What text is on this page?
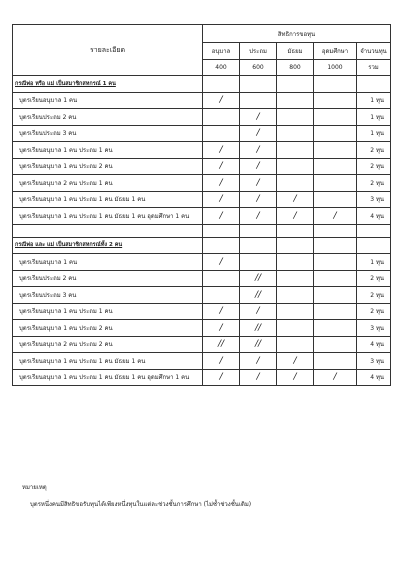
รายละเอียด	สิทธิการขอทุน				
	อนุบาล	ประถม	มัธยม	อุดมศึกษา	จำนวนทุน
	400	600	800	1000	รวม
กรณีพ่อ หรือ แม่ เป็นสมาชิกสหกรณ์ 1 คน					
บุตรเรียนอนุบาล 1 คน	/				1 ทุน
บุตรเรียนประถม 2 คน		/			1 ทุน
บุตรเรียนประถม 3 คน		/			1 ทุน
บุตรเรียนอนุบาล 1 คน ประถม 1 คน	/	/			2 ทุน
บุตรเรียนอนุบาล 1 คน ประถม 2 คน	/	/			2 ทุน
บุตรเรียนอนุบาล 2 คน ประถม 1 คน	/	/			2 ทุน
บุตรเรียนอนุบาล 1 คน ประถม 1 คน มัธยม 1 คน	/	/	/		3 ทุน
บุตรเรียนอนุบาล 1 คน ประถม 1 คน มัธยม 1 คน อุดมศึกษา 1 คน	/	/	/	/	4 ทุน

กรณีพ่อ และ แม่ เป็นสมาชิกสหกรณ์ทั้ง 2 คน					
บุตรเรียนอนุบาล 1 คน	/				1 ทุน
บุตรเรียนประถม 2 คน		//			2 ทุน
บุตรเรียนประถม 3 คน		//			2 ทุน
บุตรเรียนอนุบาล 1 คน ประถม 1 คน	/	/			2 ทุน
บุตรเรียนอนุบาล 1 คน ประถม 2 คน	/	//			3 ทุน
บุตรเรียนอนุบาล 2 คน ประถม 2 คน	//	//			4 ทุน
บุตรเรียนอนุบาล 1 คน ประถม 1 คน มัธยม 1 คน	/	/	/		3 ทุน
บุตรเรียนอนุบาล 1 คน ประถม 1 คน มัธยม 1 คน อุดมศึกษา 1 คน	/	/	/	/	4 ทุน
หมายเหตุ
บุตรหนึ่งคนมีสิทธิขอรับทุนได้เพียงหนึ่งทุนในแต่ละช่วงชั้นการศึกษา (ไม่ซ้ำช่วงชั้นเดิม)
